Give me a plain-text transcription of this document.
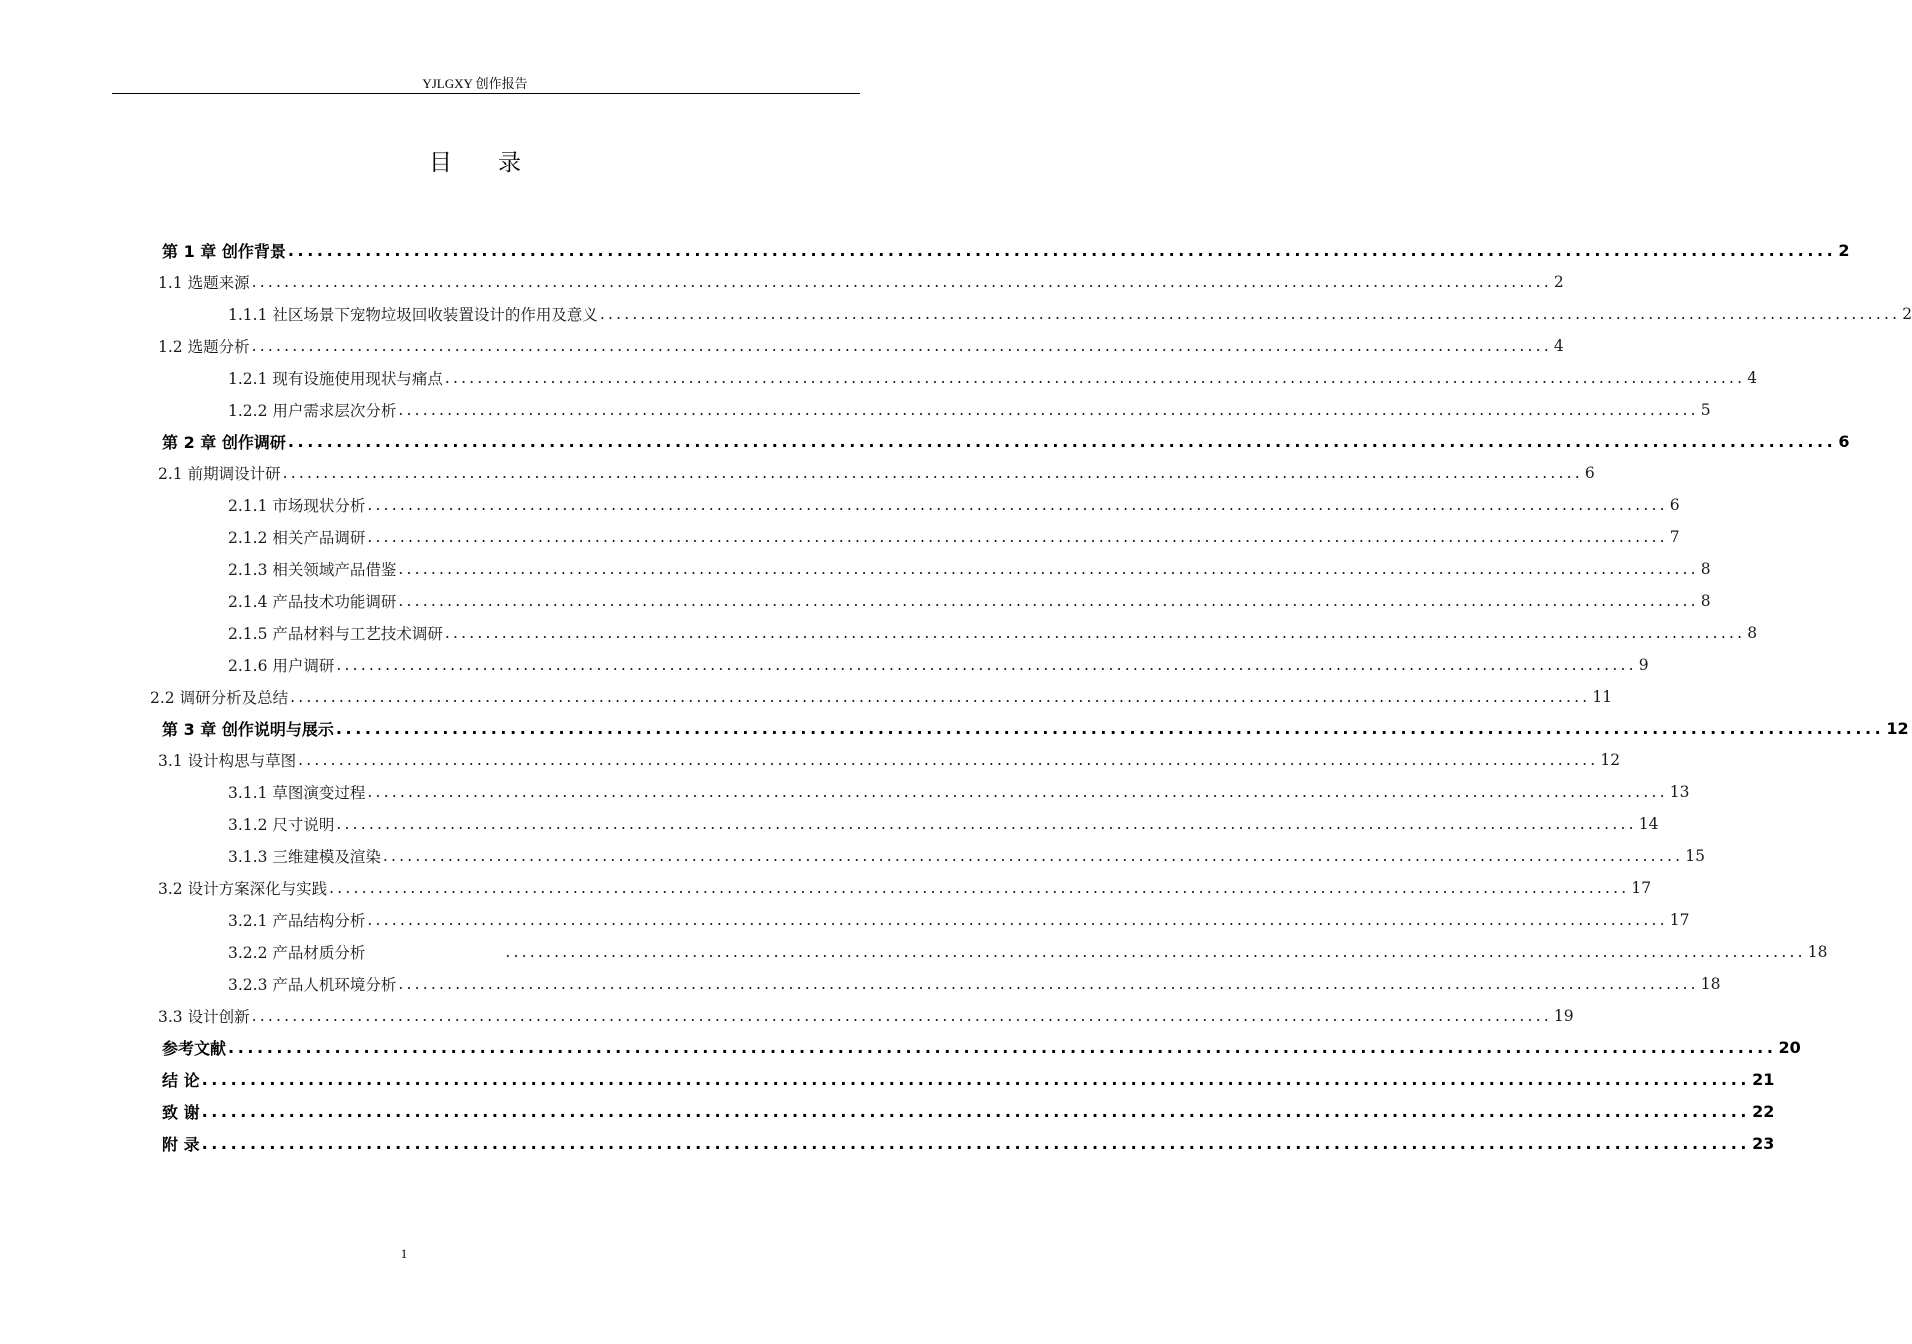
YJLGXY 创作报告
目录
第 1 章 创作背景 ................................................................................................................................................................ 2
1.1 选题来源 ................................................................................................................................................................ 2
1.1.1 社区场景下宠物垃圾回收装置设计的作用及意义 ................................................................................................................................................................ 2
1.2 选题分析 ................................................................................................................................................................ 4
1.2.1 现有设施使用现状与痛点 ................................................................................................................................................................ 4
1.2.2 用户需求层次分析 ................................................................................................................................................................ 5
第 2 章 创作调研 ................................................................................................................................................................ 6
2.1 前期调设计研 ................................................................................................................................................................ 6
2.1.1 市场现状分析 ................................................................................................................................................................ 6
2.1.2 相关产品调研 ................................................................................................................................................................ 7
2.1.3 相关领域产品借鉴 ................................................................................................................................................................ 8
2.1.4 产品技术功能调研 ................................................................................................................................................................ 8
2.1.5 产品材料与工艺技术调研 ................................................................................................................................................................ 8
2.1.6 用户调研 ................................................................................................................................................................ 9
2.2 调研分析及总结 ................................................................................................................................................................ 11
第 3 章 创作说明与展示 ................................................................................................................................................................ 12
3.1 设计构思与草图 ................................................................................................................................................................ 12
3.1.1 草图演变过程 ................................................................................................................................................................ 13
3.1.2 尺寸说明 ................................................................................................................................................................ 14
3.1.3 三维建模及渲染 ................................................................................................................................................................ 15
3.2 设计方案深化与实践 ................................................................................................................................................................ 17
3.2.1 产品结构分析 ................................................................................................................................................................ 17
3.2.2 产品材质分析	................................................................................................................................................................ 18
3.2.3 产品人机环境分析 ................................................................................................................................................................ 18
3.3 设计创新 ................................................................................................................................................................ 19
参考文献 ................................................................................................................................................................ 20
结 论 ................................................................................................................................................................ 21
致 谢 ................................................................................................................................................................ 22
附 录 ................................................................................................................................................................ 23
1
